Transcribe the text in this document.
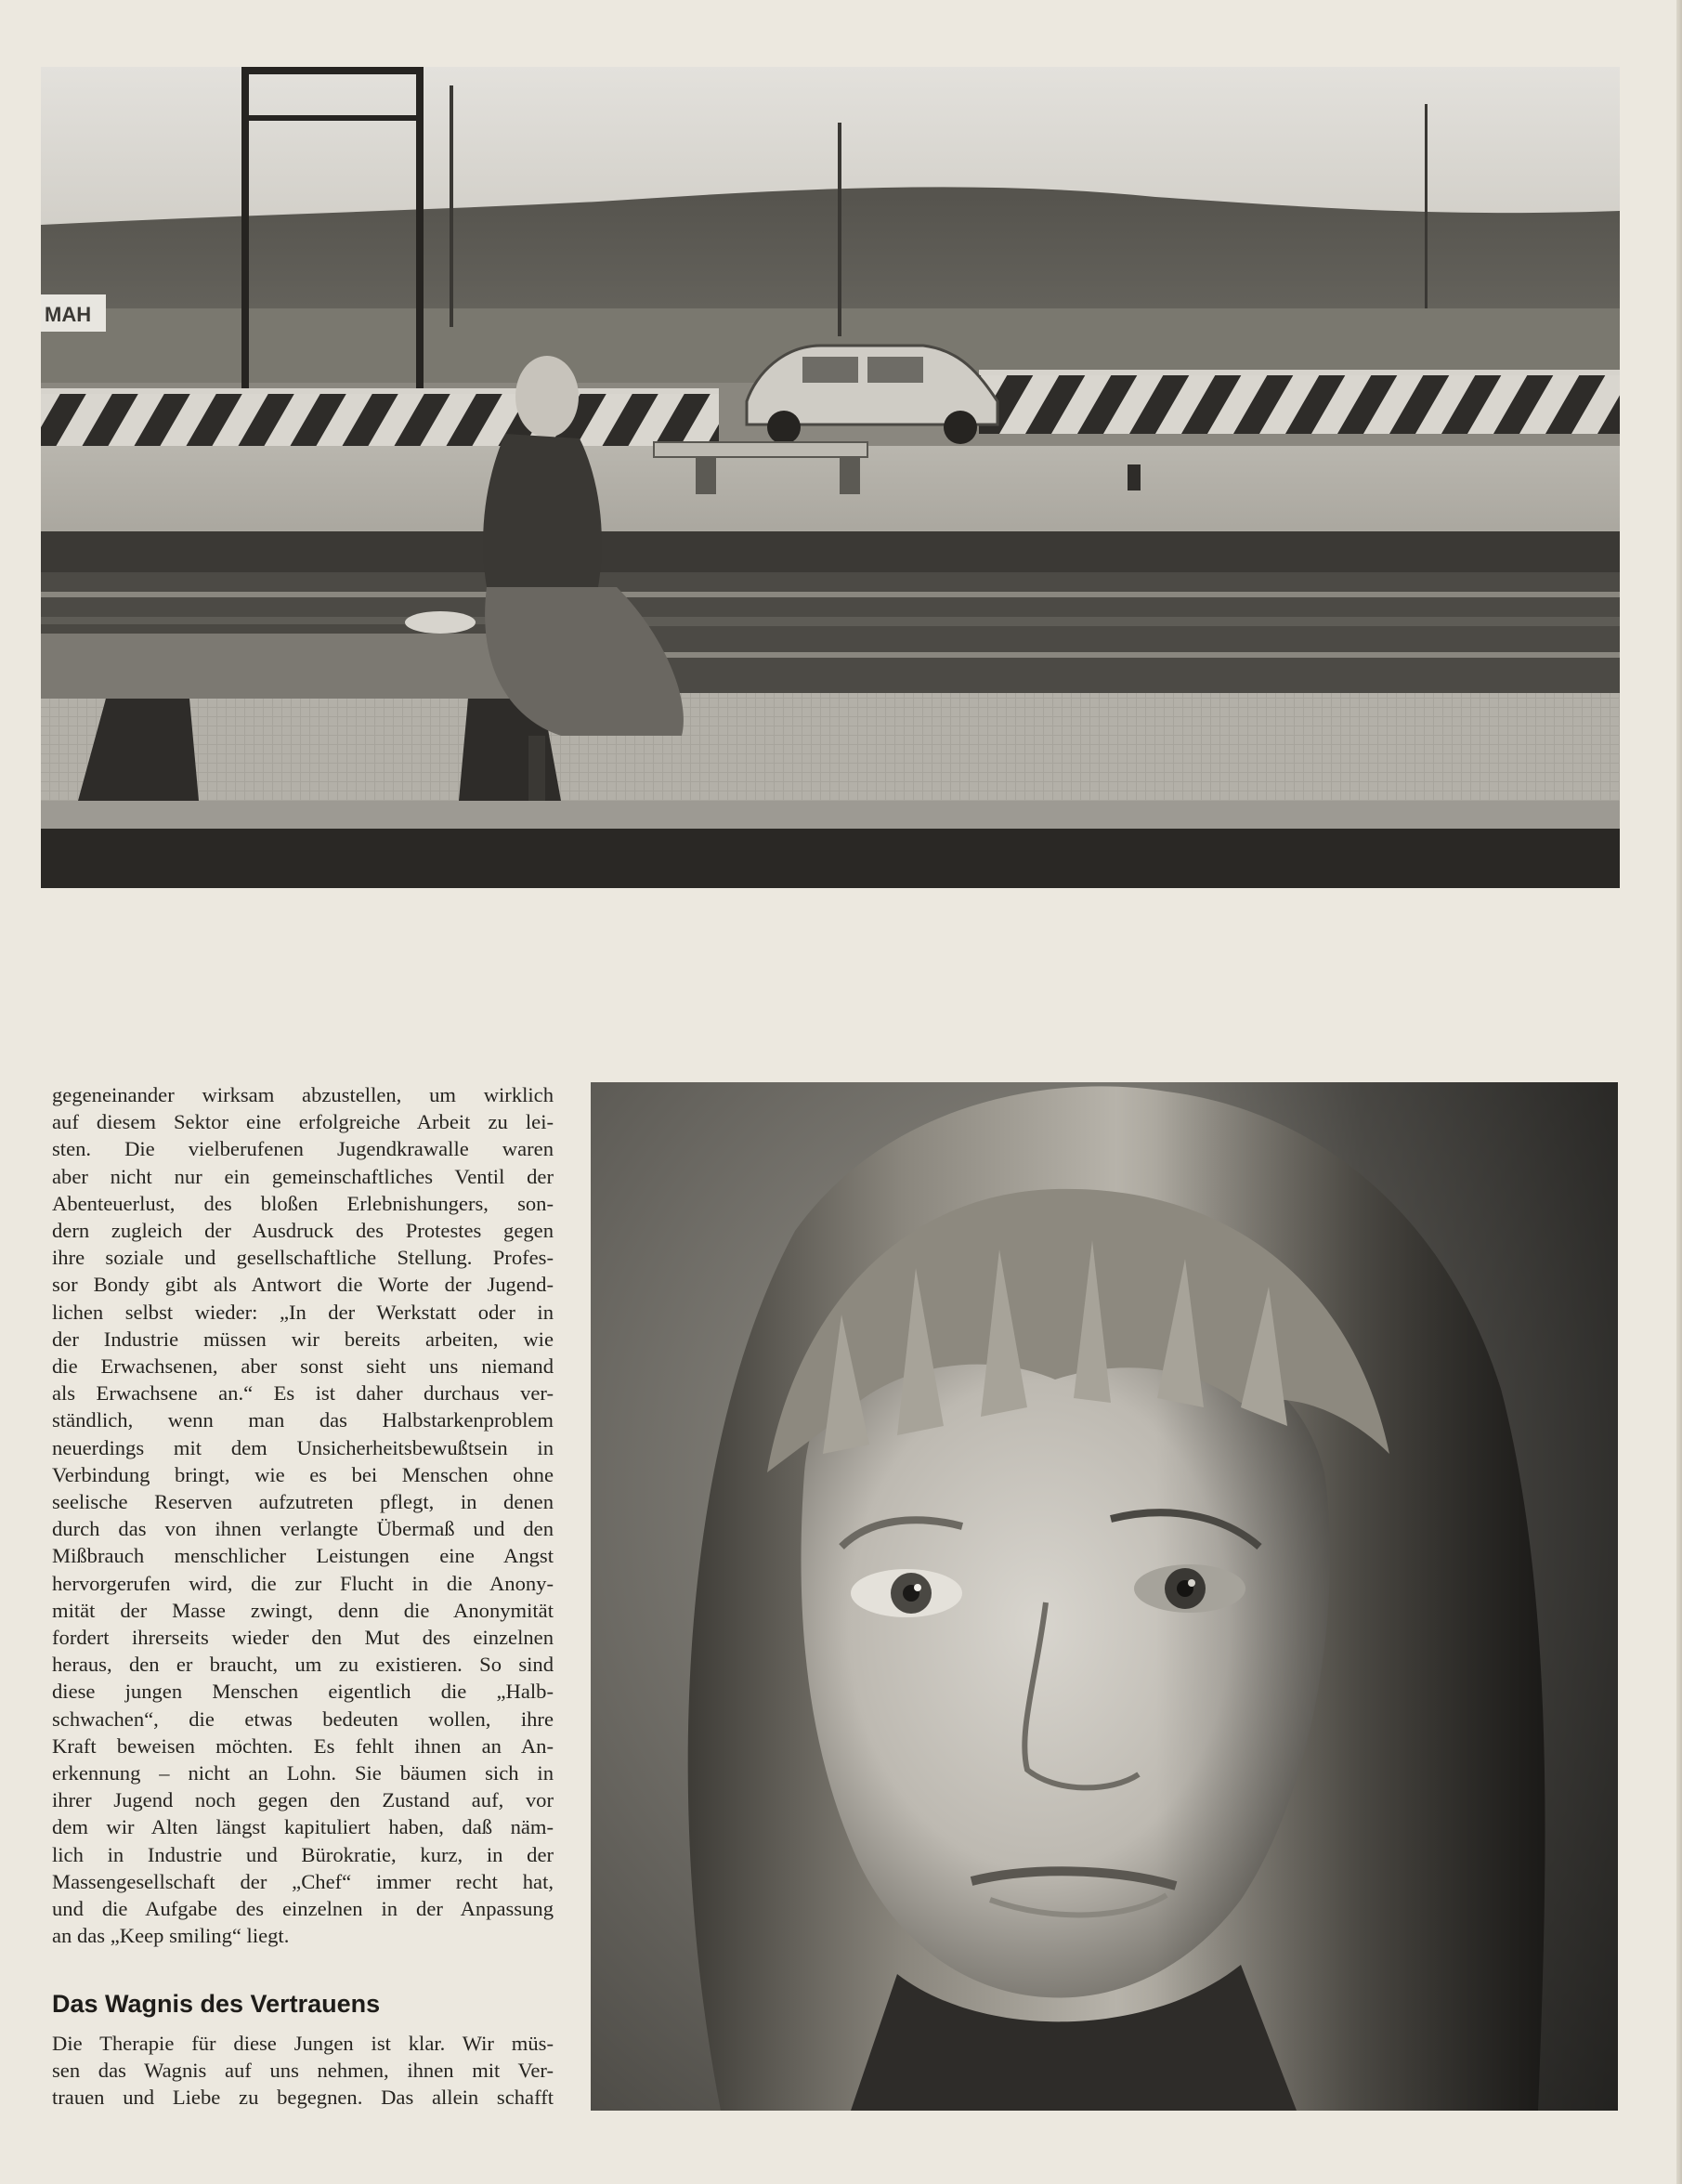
MAH

gegeneinander wirksam abzustellen, um wirklich
auf diesem Sektor eine erfolgreiche Arbeit zu lei-
sten. Die vielberufenen Jugendkrawalle waren
aber nicht nur ein gemeinschaftliches Ventil der
Abenteuerlust, des bloßen Erlebnishungers, son-
dern zugleich der Ausdruck des Protestes gegen
ihre soziale und gesellschaftliche Stellung. Profes-
sor Bondy gibt als Antwort die Worte der Jugend-
lichen selbst wieder: „In der Werkstatt oder in
der Industrie müssen wir bereits arbeiten, wie
die Erwachsenen, aber sonst sieht uns niemand
als Erwachsene an.“ Es ist daher durchaus ver-
ständlich, wenn man das Halbstarkenproblem
neuerdings mit dem Unsicherheitsbewußtsein in
Verbindung bringt, wie es bei Menschen ohne
seelische Reserven aufzutreten pflegt, in denen
durch das von ihnen verlangte Übermaß und den
Mißbrauch menschlicher Leistungen eine Angst
hervorgerufen wird, die zur Flucht in die Anony-
mität der Masse zwingt, denn die Anonymität
fordert ihrerseits wieder den Mut des einzelnen
heraus, den er braucht, um zu existieren. So sind
diese jungen Menschen eigentlich die „Halb-
schwachen“, die etwas bedeuten wollen, ihre
Kraft beweisen möchten. Es fehlt ihnen an An-
erkennung – nicht an Lohn. Sie bäumen sich in
ihrer Jugend noch gegen den Zustand auf, vor
dem wir Alten längst kapituliert haben, daß näm-
lich in Industrie und Bürokratie, kurz, in der
Massengesellschaft der „Chef“ immer recht hat,
und die Aufgabe des einzelnen in der Anpassung
an das „Keep smiling“ liegt.

Das Wagnis des Vertrauens

Die Therapie für diese Jungen ist klar. Wir müs-
sen das Wagnis auf uns nehmen, ihnen mit Ver-
trauen und Liebe zu begegnen. Das allein schafft
